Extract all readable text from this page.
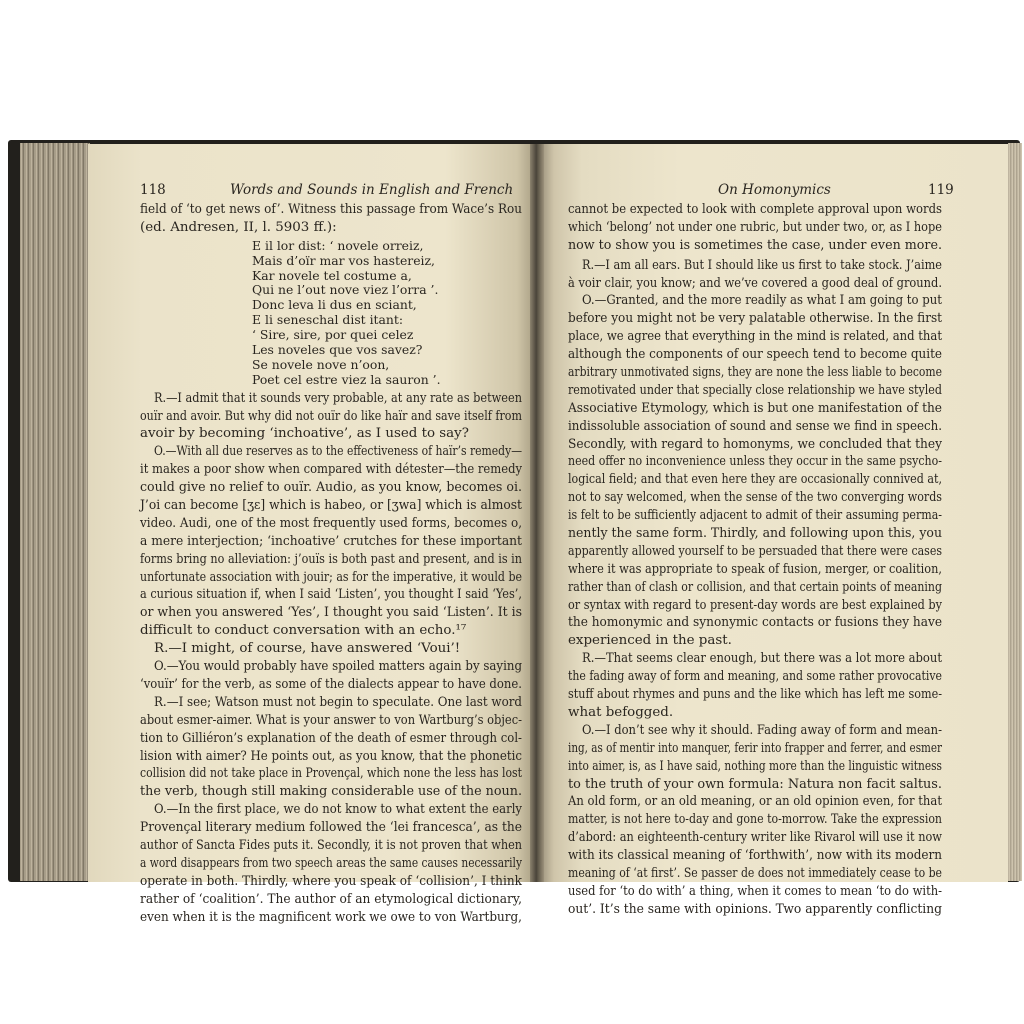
118	Words and Sounds in English and French	On Homonymics	119
field of ‘to get news of’. Witness this passage from Wace’s Rou
(ed. Andresen, II, l. 5903 ff.):
E il lor dist: ‘ novele orreiz,
Mais d’oïr mar vos hastereiz,
Kar novele tel costume a,
Qui ne l’out nove viez l’orra ’.
Donc leva li dus en sciant,
E li seneschal dist itant:
‘ Sire, sire, por quei celez
Les noveles que vos savez?
Se novele nove n’oon,
Poet cel estre viez la sauron ’.
R.—I admit that it sounds very probable, at any rate as between
ouïr and avoir. But why did not ouïr do like haïr and save itself from
avoir by becoming ‘inchoative’, as I used to say?
O.—With all due reserves as to the effectiveness of haïr’s remedy—
it makes a poor show when compared with détester—the remedy
could give no relief to ouïr. Audio, as you know, becomes oi.
J’oi can become [ʒɛ] which is habeo, or [ʒwa] which is almost
video. Audi, one of the most frequently used forms, becomes o,
a mere interjection; ‘inchoative’ crutches for these important
forms bring no alleviation: j’ouïs is both past and present, and is in
unfortunate association with jouir; as for the imperative, it would be
a curious situation if, when I said ‘Listen’, you thought I said ‘Yes’,
or when you answered ‘Yes’, I thought you said ‘Listen’. It is
difficult to conduct conversation with an echo.¹⁷
R.—I might, of course, have answered ‘Voui’!
O.—You would probably have spoiled matters again by saying
‘vouïr’ for the verb, as some of the dialects appear to have done.
R.—I see; Watson must not begin to speculate. One last word
about esmer-aimer. What is your answer to von Wartburg’s objec-
tion to Gilliéron’s explanation of the death of esmer through col-
lision with aimer? He points out, as you know, that the phonetic
collision did not take place in Provençal, which none the less has lost
the verb, though still making considerable use of the noun.
O.—In the first place, we do not know to what extent the early
Provençal literary medium followed the ‘lei francesca’, as the
author of Sancta Fides puts it. Secondly, it is not proven that when
a word disappears from two speech areas the same causes necessarily
operate in both. Thirdly, where you speak of ‘collision’, I think
rather of ‘coalition’. The author of an etymological dictionary,
even when it is the magnificent work we owe to von Wartburg,
cannot be expected to look with complete approval upon words
which ‘belong’ not under one rubric, but under two, or, as I hope
now to show you is sometimes the case, under even more.
R.—I am all ears. But I should like us first to take stock. J’aime
à voir clair, you know; and we’ve covered a good deal of ground.
O.—Granted, and the more readily as what I am going to put
before you might not be very palatable otherwise. In the first
place, we agree that everything in the mind is related, and that
although the components of our speech tend to become quite
arbitrary unmotivated signs, they are none the less liable to become
remotivated under that specially close relationship we have styled
Associative Etymology, which is but one manifestation of the
indissoluble association of sound and sense we find in speech.
Secondly, with regard to homonyms, we concluded that they
need offer no inconvenience unless they occur in the same psycho-
logical field; and that even here they are occasionally connived at,
not to say welcomed, when the sense of the two converging words
is felt to be sufficiently adjacent to admit of their assuming perma-
nently the same form. Thirdly, and following upon this, you
apparently allowed yourself to be persuaded that there were cases
where it was appropriate to speak of fusion, merger, or coalition,
rather than of clash or collision, and that certain points of meaning
or syntax with regard to present-day words are best explained by
the homonymic and synonymic contacts or fusions they have
experienced in the past.
R.—That seems clear enough, but there was a lot more about
the fading away of form and meaning, and some rather provocative
stuff about rhymes and puns and the like which has left me some-
what befogged.
O.—I don’t see why it should. Fading away of form and mean-
ing, as of mentir into manquer, ferir into frapper and ferrer, and esmer
into aimer, is, as I have said, nothing more than the linguistic witness
to the truth of your own formula: Natura non facit saltus.
An old form, or an old meaning, or an old opinion even, for that
matter, is not here to-day and gone to-morrow. Take the expression
d’abord: an eighteenth-century writer like Rivarol will use it now
with its classical meaning of ‘forthwith’, now with its modern
meaning of ‘at first’. Se passer de does not immediately cease to be
used for ‘to do with’ a thing, when it comes to mean ‘to do with-
out’. It’s the same with opinions. Two apparently conflicting
